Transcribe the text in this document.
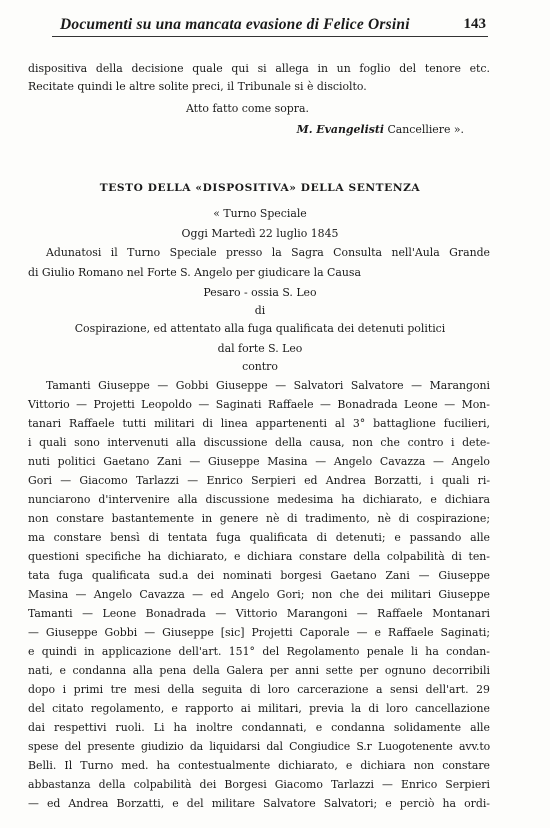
Documenti su una mancata evasione di Felice Orsini	143
dispositiva della decisione quale qui si allega in un foglio del tenore etc.
Recitate quindi le altre solite preci, il Tribunale si è disciolto.
Atto fatto come sopra.
M. Evangelisti Cancelliere ».
TESTO DELLA «DISPOSITIVA» DELLA SENTENZA
« Turno Speciale
Oggi Martedì 22 luglio 1845
Adunatosi il Turno Speciale presso la Sagra Consulta nell'Aula Grande
di Giulio Romano nel Forte S. Angelo per giudicare la Causa
Pesaro - ossia S. Leo
di
Cospirazione, ed attentato alla fuga qualificata dei detenuti politici
dal forte S. Leo
contro
Tamanti Giuseppe — Gobbi Giuseppe — Salvatori Salvatore — Marangoni
Vittorio — Projetti Leopoldo — Saginati Raffaele — Bonadrada Leone — Mon-
tanari Raffaele tutti militari di linea appartenenti al 3° battaglione fucilieri,
i quali sono intervenuti alla discussione della causa, non che contro i dete-
nuti politici Gaetano Zani — Giuseppe Masina — Angelo Cavazza — Angelo
Gori — Giacomo Tarlazzi — Enrico Serpieri ed Andrea Borzatti, i quali ri-
nunciarono d'intervenire alla discussione medesima ha dichiarato, e dichiara
non constare bastantemente in genere nè di tradimento, nè di cospirazione;
ma constare bensì di tentata fuga qualificata di detenuti; e passando alle
questioni specifiche ha dichiarato, e dichiara constare della colpabilità di ten-
tata fuga qualificata sud.a dei nominati borgesi Gaetano Zani — Giuseppe
Masina — Angelo Cavazza — ed Angelo Gori; non che dei militari Giuseppe
Tamanti — Leone Bonadrada — Vittorio Marangoni — Raffaele Montanari
— Giuseppe Gobbi — Giuseppe [sic] Projetti Caporale — e Raffaele Saginati;
e quindi in applicazione dell'art. 151° del Regolamento penale li ha condan-
nati, e condanna alla pena della Galera per anni sette per ognuno decorribili
dopo i primi tre mesi della seguita di loro carcerazione a sensi dell'art. 29
del citato regolamento, e rapporto ai militari, previa la di loro cancellazione
dai respettivi ruoli. Li ha inoltre condannati, e condanna solidamente alle
spese del presente giudizio da liquidarsi dal Congiudice S.r Luogotenente avv.to
Belli. Il Turno med. ha contestualmente dichiarato, e dichiara non constare
abbastanza della colpabilità dei Borgesi Giacomo Tarlazzi — Enrico Serpieri
— ed Andrea Borzatti, e del militare Salvatore Salvatori; e perciò ha ordi-
